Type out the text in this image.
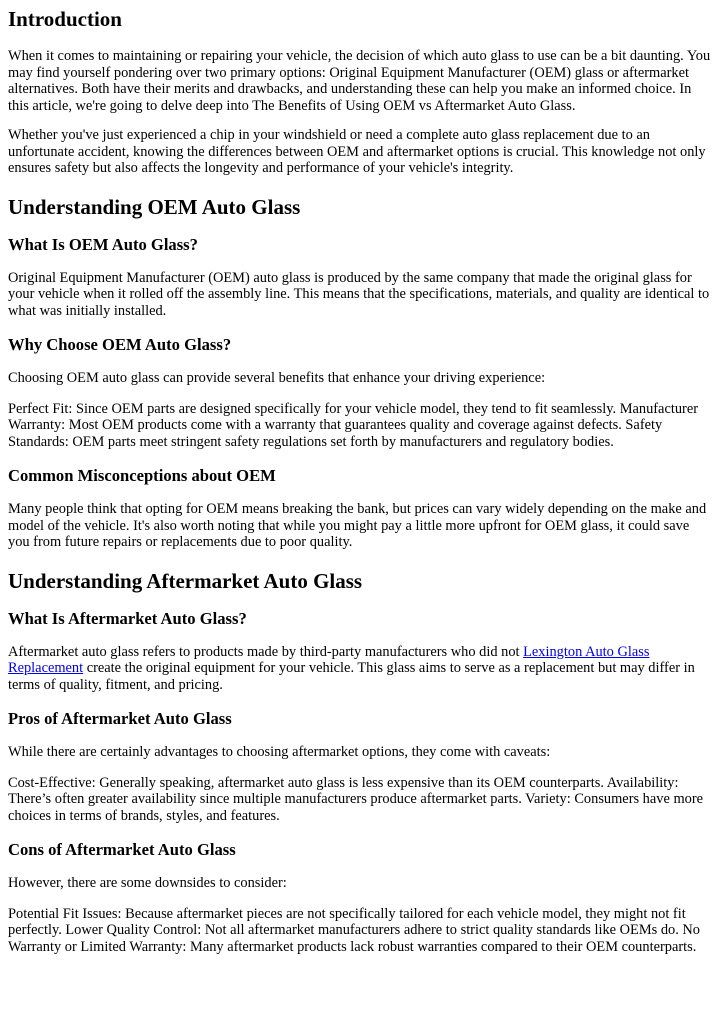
Introduction

When it comes to maintaining or repairing your vehicle, the decision of which auto glass to use can be a bit daunting. You may find yourself pondering over two primary options: Original Equipment Manufacturer (OEM) glass or aftermarket alternatives. Both have their merits and drawbacks, and understanding these can help you make an informed choice. In this article, we're going to delve deep into The Benefits of Using OEM vs Aftermarket Auto Glass.

Whether you've just experienced a chip in your windshield or need a complete auto glass replacement due to an unfortunate accident, knowing the differences between OEM and aftermarket options is crucial. This knowledge not only ensures safety but also affects the longevity and performance of your vehicle's integrity.

Understanding OEM Auto Glass
What Is OEM Auto Glass?

Original Equipment Manufacturer (OEM) auto glass is produced by the same company that made the original glass for your vehicle when it rolled off the assembly line. This means that the specifications, materials, and quality are identical to what was initially installed.

Why Choose OEM Auto Glass?

Choosing OEM auto glass can provide several benefits that enhance your driving experience:

Perfect Fit: Since OEM parts are designed specifically for your vehicle model, they tend to fit seamlessly. Manufacturer Warranty: Most OEM products come with a warranty that guarantees quality and coverage against defects. Safety Standards: OEM parts meet stringent safety regulations set forth by manufacturers and regulatory bodies.

Common Misconceptions about OEM

Many people think that opting for OEM means breaking the bank, but prices can vary widely depending on the make and model of the vehicle. It's also worth noting that while you might pay a little more upfront for OEM glass, it could save you from future repairs or replacements due to poor quality.

Understanding Aftermarket Auto Glass
What Is Aftermarket Auto Glass?

Aftermarket auto glass refers to products made by third-party manufacturers who did not Lexington Auto Glass Replacement create the original equipment for your vehicle. This glass aims to serve as a replacement but may differ in terms of quality, fitment, and pricing.

Pros of Aftermarket Auto Glass

While there are certainly advantages to choosing aftermarket options, they come with caveats:

Cost-Effective: Generally speaking, aftermarket auto glass is less expensive than its OEM counterparts. Availability: There’s often greater availability since multiple manufacturers produce aftermarket parts. Variety: Consumers have more choices in terms of brands, styles, and features.

Cons of Aftermarket Auto Glass

However, there are some downsides to consider:

Potential Fit Issues: Because aftermarket pieces are not specifically tailored for each vehicle model, they might not fit perfectly. Lower Quality Control: Not all aftermarket manufacturers adhere to strict quality standards like OEMs do. No Warranty or Limited Warranty: Many aftermarket products lack robust warranties compared to their OEM counterparts.
